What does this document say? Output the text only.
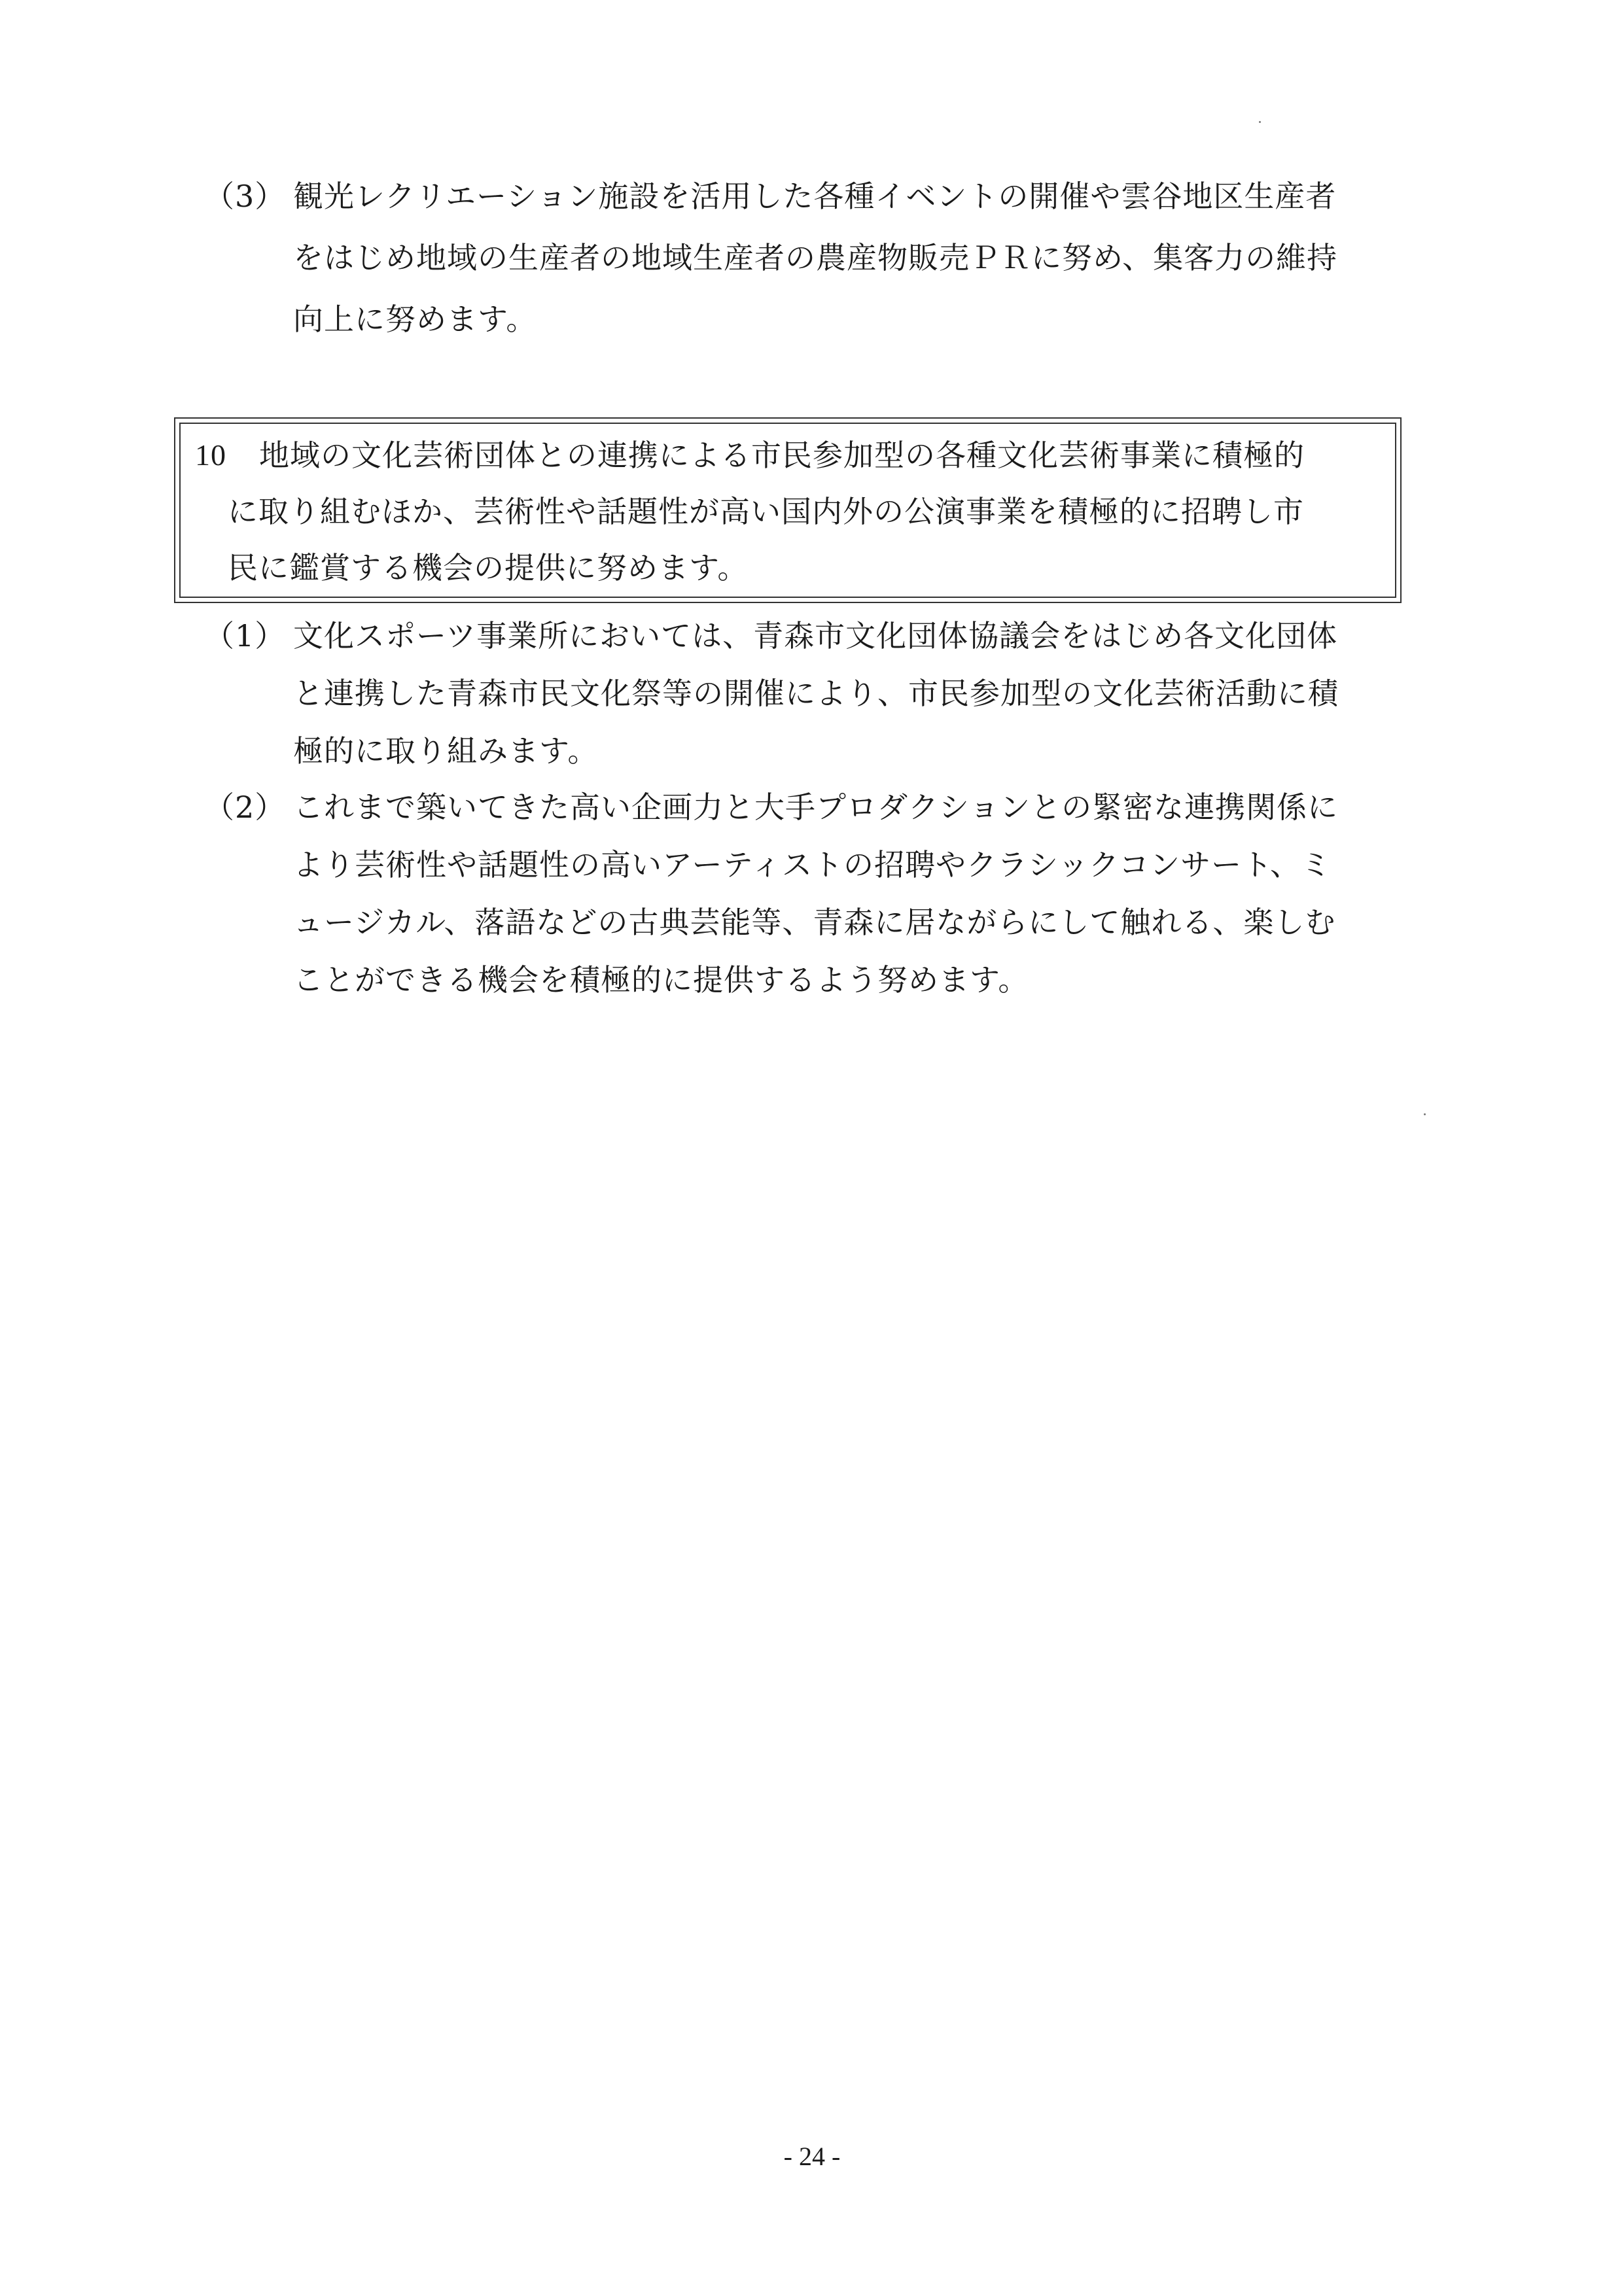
（3） 観光レクリエーション施設を活用した各種イベントの開催や雲谷地区生産者
をはじめ地域の生産者の地域生産者の農産物販売ＰＲに努め、集客力の維持
向上に努めます。
10 地域の文化芸術団体との連携による市民参加型の各種文化芸術事業に積極的
に取り組むほか、芸術性や話題性が高い国内外の公演事業を積極的に招聘し市
民に鑑賞する機会の提供に努めます。
（1） 文化スポーツ事業所においては、青森市文化団体協議会をはじめ各文化団体
と連携した青森市民文化祭等の開催により、市民参加型の文化芸術活動に積
極的に取り組みます。
（2） これまで築いてきた高い企画力と大手プロダクションとの緊密な連携関係に
より芸術性や話題性の高いアーティストの招聘やクラシックコンサート、ミ
ュージカル、落語などの古典芸能等、青森に居ながらにして触れる、楽しむ
ことができる機会を積極的に提供するよう努めます。
- 24 -
